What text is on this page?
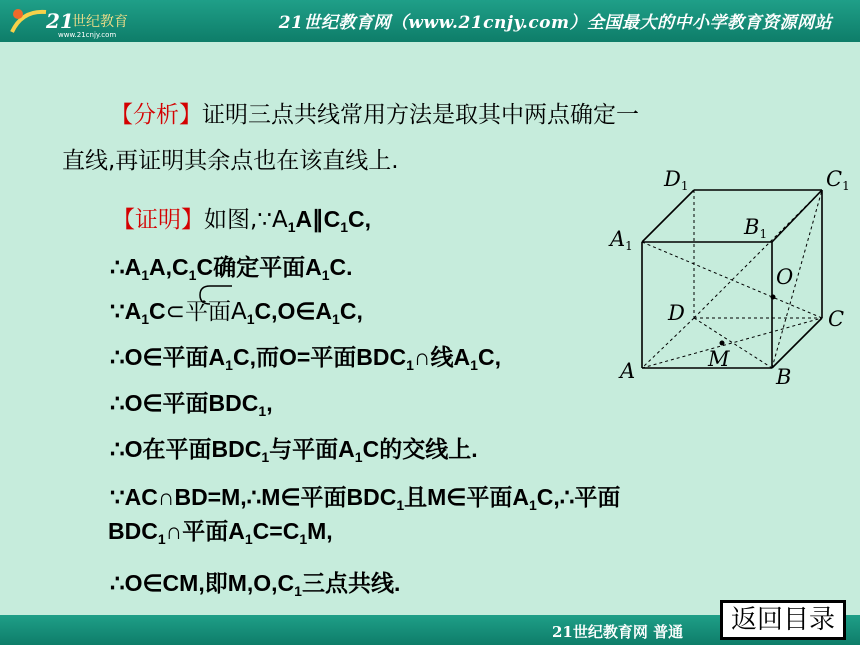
21
世纪教育
www.21cnjy.com
21世纪教育网（www.21cnjy.com）全国最大的中小学教育资源网站
【分析】证明三点共线常用方法是取其中两点确定一
直线,再证明其余点也在该直线上.
【证明】如图$,\because A_1A\parallel C_1C$,
$\therefore A_1A,C_1C$确定平面$A_1C$.
$\because A_1C\subset$平面$A_1C,O\in A_1C$,
∴O∈平面$A_1C$,而O=平面$BDC_1\cap$线$A_1C$,
∴O∈平面$BDC_1$,
∴O在平面$BDC_1$与平面$A_1C$的交线上.
∵AC∩BD=M,∴M∈平面$BDC_1$且M∈平面$A_1C,\therefore$平面
$BDC_1\cap$平面$A_1C=C_1M$,
∴O∈CM,即$M,O,C_1$三点共线.
D1	C1
A1
B1
O
D	C
M
A	B
21世纪教育网 普通	返回目录
